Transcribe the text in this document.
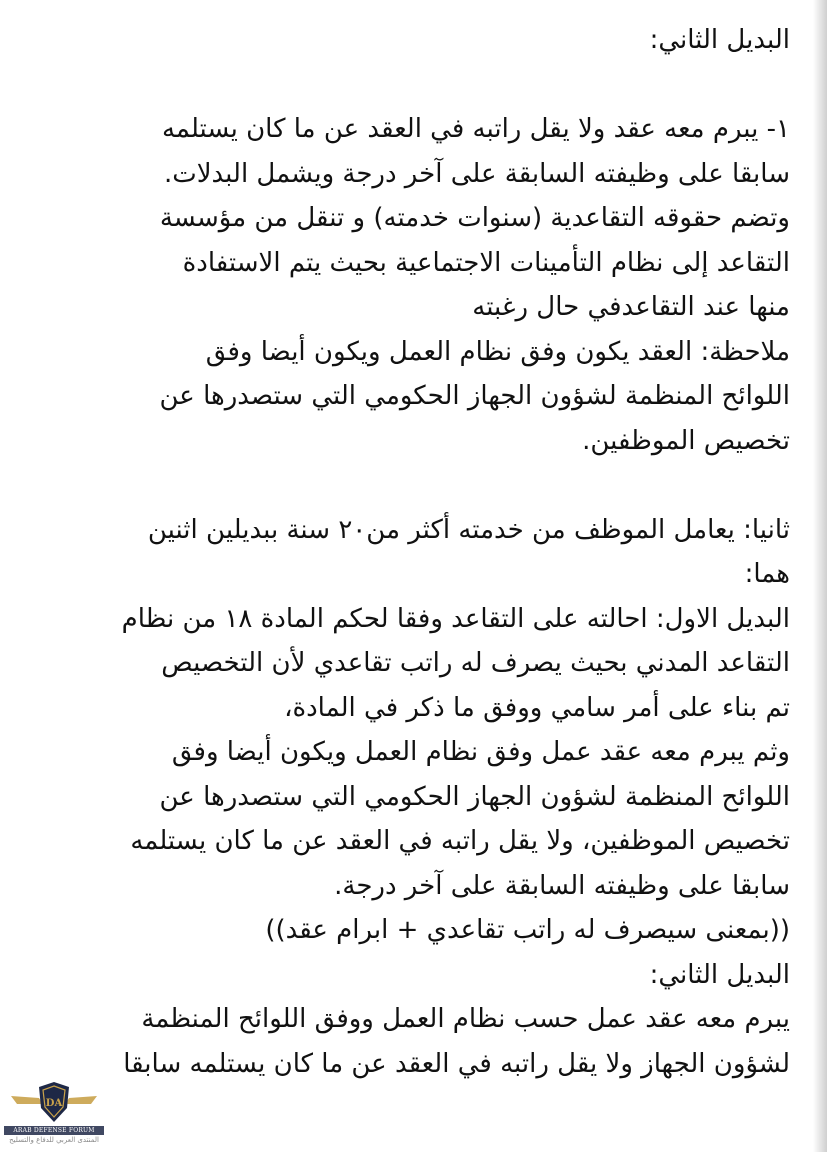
البديل الثاني:
١- يبرم معه عقد ولا يقل راتبه في العقد عن ما كان يستلمه
سابقا على وظيفته السابقة على آخر درجة ويشمل البدلات.
وتضم حقوقه التقاعدية (سنوات خدمته) و تنقل من مؤسسة
التقاعد إلى نظام التأمينات الاجتماعية بحيث يتم الاستفادة
منها عند التقاعدفي حال رغبته
ملاحظة: العقد يكون وفق نظام العمل ويكون أيضا وفق
اللوائح المنظمة لشؤون الجهاز الحكومي التي ستصدرها عن
تخصيص الموظفين.
ثانيا: يعامل الموظف من خدمته أكثر من٢٠ سنة ببديلين اثنين
هما:
البديل الاول: احالته على التقاعد وفقا لحكم المادة ١٨ من نظام
التقاعد المدني بحيث يصرف له راتب تقاعدي لأن التخصيص
تم بناء على أمر سامي ووفق ما ذكر في المادة،
وثم يبرم معه عقد عمل وفق نظام العمل ويكون أيضا وفق
اللوائح المنظمة لشؤون الجهاز الحكومي التي ستصدرها عن
تخصيص الموظفين، ولا يقل راتبه في العقد عن ما كان يستلمه
سابقا على وظيفته السابقة على آخر درجة.
((بمعنى سيصرف له راتب تقاعدي + ابرام عقد))
البديل الثاني:
يبرم معه عقد عمل حسب نظام العمل ووفق اللوائح المنظمة
لشؤون الجهاز ولا يقل راتبه في العقد عن ما كان يستلمه سابقا
DA
ARAB DEFENSE FORUM
المنتدى العربي للدفاع والتسليح
